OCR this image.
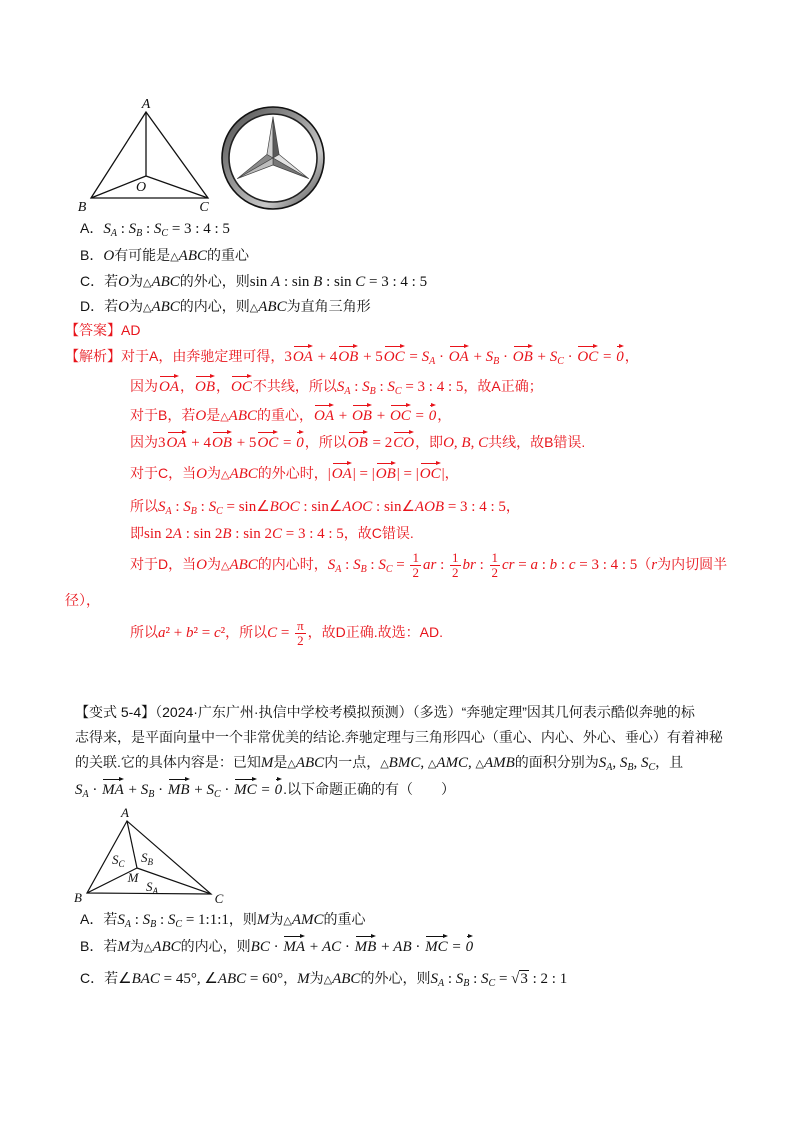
A
B	C
O
A．$S_A$ : $S_B$ : $S_C = 3$ : 4 : 5
B．O有可能是△ABC的重心
C．若O为△ABC的外心，则sin A : sin B : sin C = 3 : 4 : 5
D．若O为△ABC的内心，则△ABC为直角三角形
【答案】AD
【解析】对于A，由奔驰定理可得，$3OA + 4OB + 5OC = S_A$ · OA + $S_B$ · OB + $S_C$ · OC = 0，
因为OA，OB，OC不共线，所以$S_A$ : $S_B$ : $S_C = 3$ : 4 : 5，故A正确；
对于B，若O是△ABC的重心，OA + OB + OC = 0，
因为3OA + 4OB + 5OC = 0，所以OB = 2CO，即O, B, C共线，故B错误.
对于C，当O为△ABC的外心时，|OA| = |OB| = |OC|，
所以$S_A$ : $S_B$ : $S_C$ = sin∠BOC : sin∠AOC : sin∠AOB = 3 : 4 : 5，
即sin 2A : sin 2B : sin 2C = 3 : 4 : 5，故C错误.
对于D，当O为△ABC的内心时，$S_A$ : $S_B$ : $S_C = \frac{1}{2}$ ar : $\frac{1}{2}$ br : $\frac{1}{2}$ cr = a : b : c = 3 : 4 : 5（r为内切圆半
径），
所以a² + b² = c²，所以$C = \frac{\pi}{2}$ ，故D正确.故选：AD.
【变式 5-4】（2024·广东广州·执信中学校考模拟预测）（多选）“奔驰定理”因其几何表示酷似奔驰的标
志得来，是平面向量中一个非常优美的结论.奔驰定理与三角形四心（重心、内心、外心、垂心）有着神秘
的关联.它的具体内容是：已知M是△ABC内一点，△BMC, △AMC, △AMB的面积分别为$S_A$, $S_B$, $S_C$，且
$S_A$ · MA + $S_B$ · MB + $S_C$ · MC = 0.以下命题正确的有（　　）
A
B	C
M
$S_C$ $S_B$
$S_A$
A．若$S_A$ : $S_B$ : $S_C$ = 1:1:1，则M为△AMC的重心
B．若M为△ABC的内心，则BC · MA + AC · MB + AB · MC = 0
C．若∠BAC = 45°, ∠ABC = 60°，M为△ABC的外心，则$S_A$ : $S_B$ : $S_C = √3$ : 2 : 1
